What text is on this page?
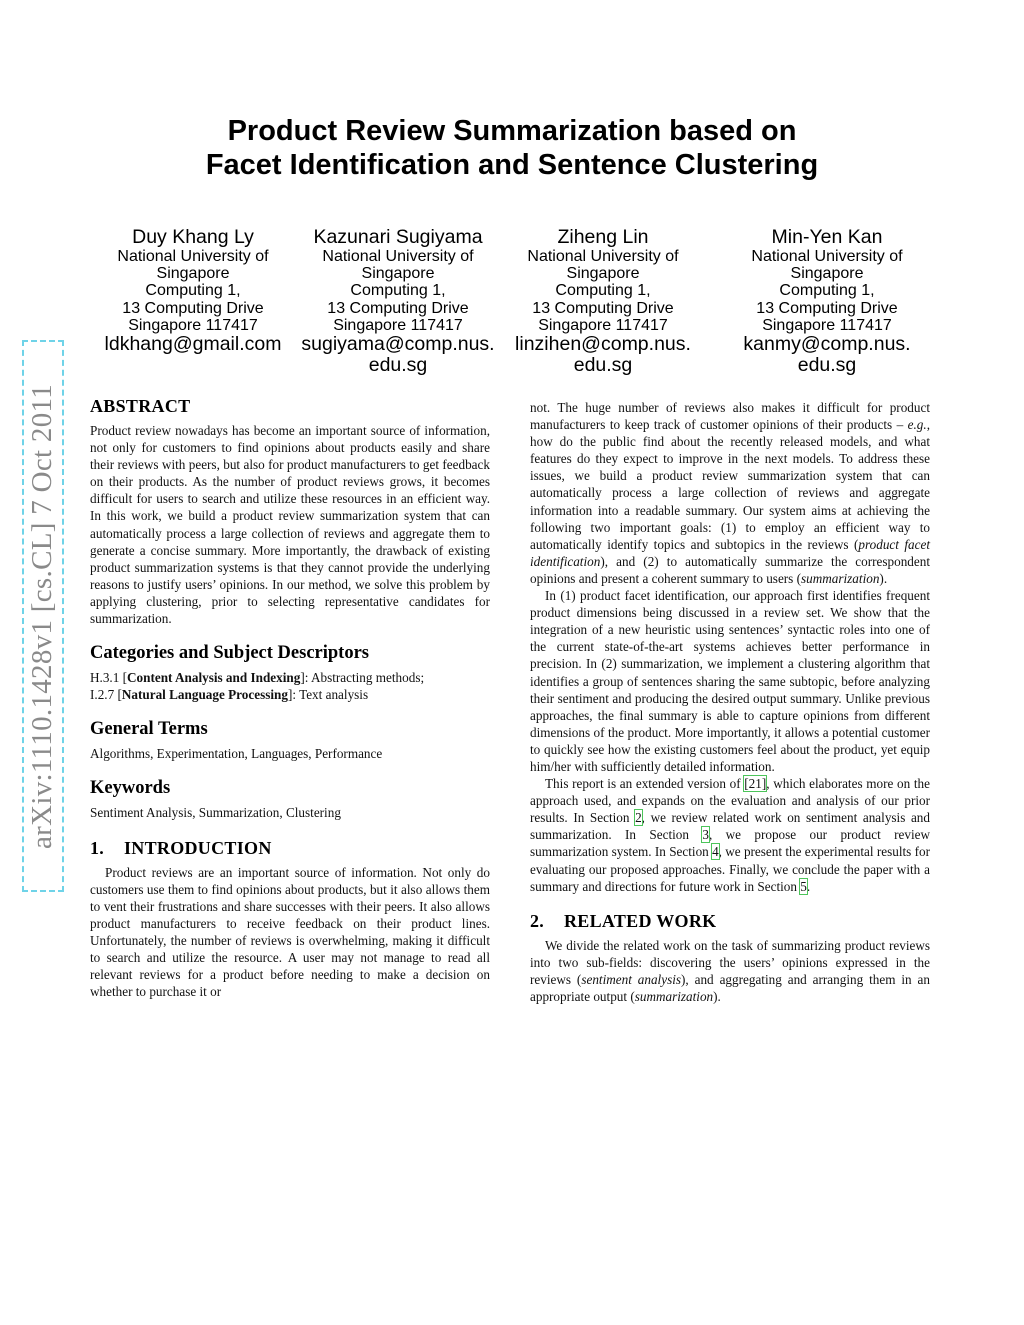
arXiv:1110.1428v1 [cs.CL] 7 Oct 2011
Product Review Summarization based on
Facet Identification and Sentence Clustering
Duy Khang Ly
National University of
Singapore
Computing 1,
13 Computing Drive
Singapore 117417
ldkhang@gmail.com
Kazunari Sugiyama
National University of
Singapore
Computing 1,
13 Computing Drive
Singapore 117417
sugiyama@comp.nus.
edu.sg
Ziheng Lin
National University of
Singapore
Computing 1,
13 Computing Drive
Singapore 117417
linzihen@comp.nus.
edu.sg
Min-Yen Kan
National University of
Singapore
Computing 1,
13 Computing Drive
Singapore 117417
kanmy@comp.nus.
edu.sg
ABSTRACT

Product review nowadays has become an important source of information, not only for customers to find opinions about products easily and share their reviews with peers, but also for product manufacturers to get feedback on their products. As the number of product reviews grows, it becomes difficult for users to search and utilize these resources in an efficient way. In this work, we build a product review summarization system that can automatically process a large collection of reviews and aggregate them to generate a concise summary. More importantly, the drawback of existing product summarization systems is that they cannot provide the underlying reasons to justify users’ opinions. In our method, we solve this problem by applying clustering, prior to selecting representative candidates for summarization.

Categories and Subject Descriptors

H.3.1 [Content Analysis and Indexing]: Abstracting methods;
I.2.7 [Natural Language Processing]: Text analysis

General Terms

Algorithms, Experimentation, Languages, Performance

Keywords

Sentiment Analysis, Summarization, Clustering

1. INTRODUCTION

Product reviews are an important source of information. Not only do customers use them to find opinions about products, but it also allows them to vent their frustrations and share successes with their peers. It also allows product manufacturers to receive feedback on their product lines. Unfortunately, the number of reviews is overwhelming, making it difficult to search and utilize the resource. A user may not manage to read all relevant reviews for a product before needing to make a decision on whether to purchase it or

not. The huge number of reviews also makes it difficult for product manufacturers to keep track of customer opinions of their products – e.g., how do the public find about the recently released models, and what features do they expect to improve in the next models. To address these issues, we build a product review summarization system that can automatically process a large collection of reviews and aggregate information into a readable summary. Our system aims at achieving the following two important goals: (1) to employ an efficient way to automatically identify topics and subtopics in the reviews (product facet identification), and (2) to automatically summarize the correspondent opinions and present a coherent summary to users (summarization).

In (1) product facet identification, our approach first identifies frequent product dimensions being discussed in a review set. We show that the integration of a new heuristic using sentences’ syntactic roles into one of the current state-of-the-art systems achieves better performance in precision. In (2) summarization, we implement a clustering algorithm that identifies a group of sentences sharing the same subtopic, before analyzing their sentiment and producing the desired output summary. Unlike previous approaches, the final summary is able to capture opinions from different dimensions of the product. More importantly, it allows a potential customer to quickly see how the existing customers feel about the product, yet equip him/her with sufficiently detailed information.

This report is an extended version of [21], which elaborates more on the approach used, and expands on the evaluation and analysis of our prior results. In Section 2, we review related work on sentiment analysis and summarization. In Section 3, we propose our product review summarization system. In Section 4, we present the experimental results for evaluating our proposed approaches. Finally, we conclude the paper with a summary and directions for future work in Section 5.

2. RELATED WORK

We divide the related work on the task of summarizing product reviews into two sub-fields: discovering the users’ opinions expressed in the reviews (sentiment analysis), and aggregating and arranging them in an appropriate output (summarization).
